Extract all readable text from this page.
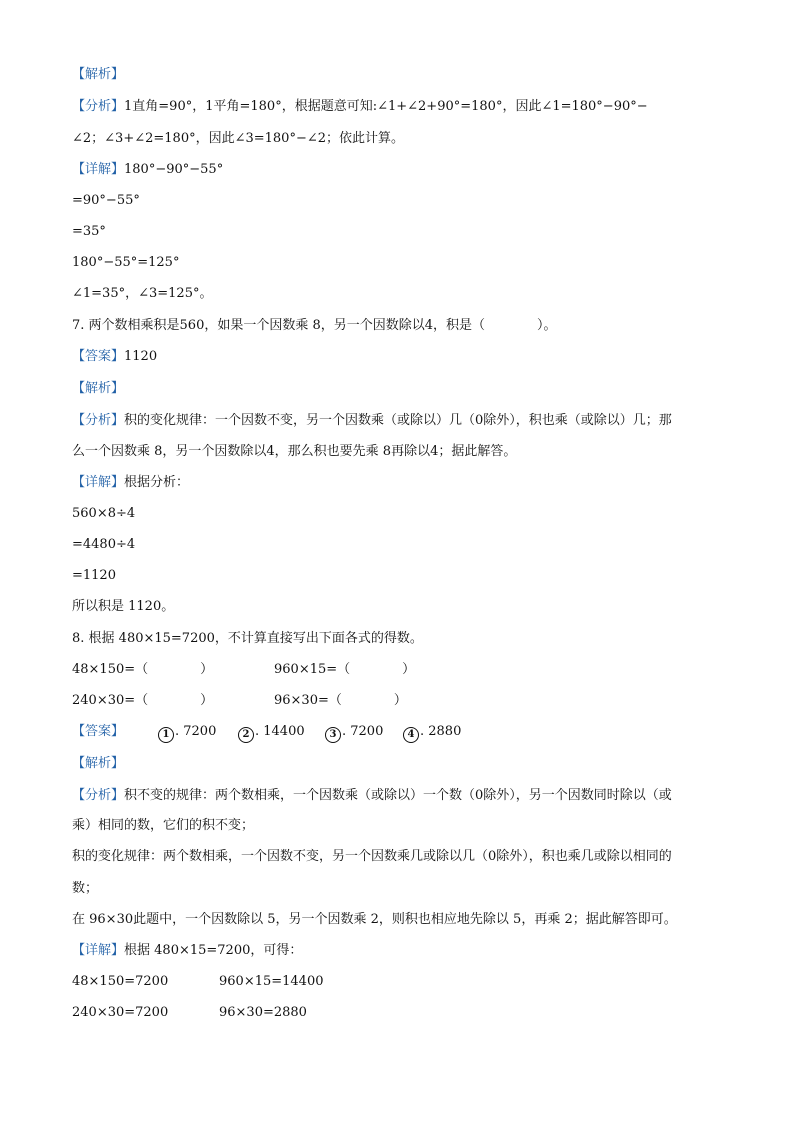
【解析】
【分析】1直角=90°，1平角=180°，根据题意可知:∠1+∠2+90°=180°，因此∠1=180°−90°−
∠2；∠3+∠2=180°，因此∠3=180°−∠2；依此计算。
【详解】180°−90°−55°
=90°−55°
=35°
180°−55°=125°
∠1=35°，∠3=125°。
7. 两个数相乘积是560，如果一个因数乘 8，另一个因数除以4，积是（　　　　）。
【答案】1120
【解析】
【分析】积的变化规律：一个因数不变，另一个因数乘（或除以）几（0除外），积也乘（或除以）几；那
么一个因数乘 8，另一个因数除以4，那么积也要先乘 8再除以4；据此解答。
【详解】根据分析：
560×8÷4
=4480÷4
=1120
所以积是 1120。
8. 根据 480×15=7200，不计算直接写出下面各式的得数。
48×150=（　　　　）	960×15=（　　　　）
240×30=（　　　　）	96×30=（　　　　）
【答案】	1 . 7200	2 . 14400	3 . 7200	4 . 2880
【解析】
【分析】积不变的规律：两个数相乘，一个因数乘（或除以）一个数（0除外），另一个因数同时除以（或
乘）相同的数，它们的积不变；
积的变化规律：两个数相乘，一个因数不变，另一个因数乘几或除以几（0除外），积也乘几或除以相同的
数；
在 96×30此题中，一个因数除以 5，另一个因数乘 2，则积也相应地先除以 5，再乘 2；据此解答即可。
【详解】根据 480×15=7200，可得：
48×150=7200	960×15=14400
240×30=7200	96×30=2880
